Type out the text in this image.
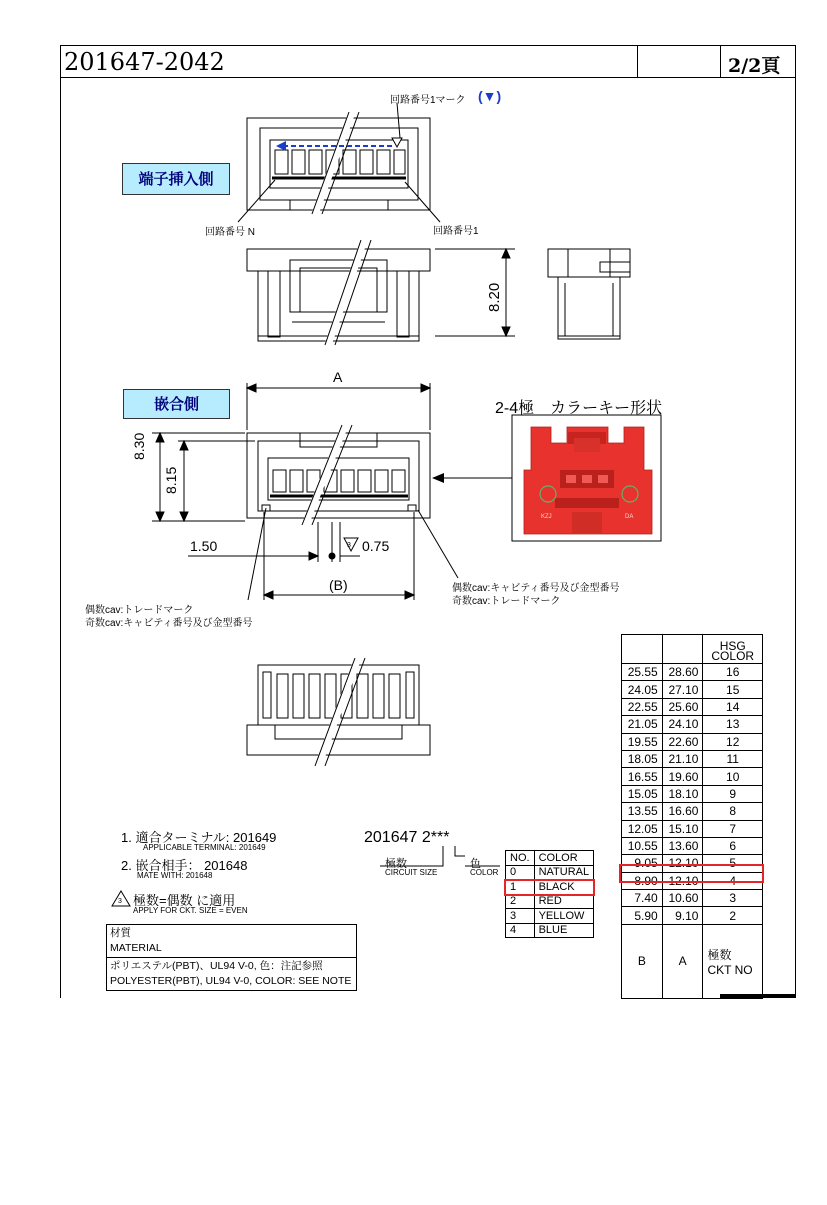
201647-2042	2/2頁
回路番号1マーク (▼)
端子挿入側
回路番号 N	回路番号1
嵌合側
A
8.30
8.15
1.50	3 0.75
(B)
8.20
偶数cav:トレードマーク
奇数cav:キャビティ番号及び金型番号
偶数cav:キャビティ番号及び金型番号
奇数cav:トレードマーク
2-4極　カラーキー形状
KZJ	DA

		HSG
COLOR

25.55	28.60	16
24.05	27.10	15
22.55	25.60	14
21.05	24.10	13
19.55	22.60	12
18.05	21.10	11
16.55	19.60	10
15.05	18.10	9
13.55	16.60	8
12.05	15.10	7
10.55	13.60	6
9.05	12.10	5
8.90	12.10	4
7.40	10.60	3
5.90	9.10	2
B	A	極数
CKT NO
201647 2***
極数
CIRCUIT SIZE
色
COLOR
NO.	COLOR
0	NATURAL
1	BLACK
2	RED
3	YELLOW
4	BLUE
1. 適合ターミナル: 201649
APPLICABLE TERMINAL: 201649
2. 嵌合相手： 201648
MATE WITH: 201648
3 極数=偶数 に適用
APPLY FOR CKT. SIZE = EVEN
材質
MATERIAL

ポリエステル(PBT)、UL94 V-0, 色：注記参照
POLYESTER(PBT), UL94 V-0, COLOR: SEE NOTE
